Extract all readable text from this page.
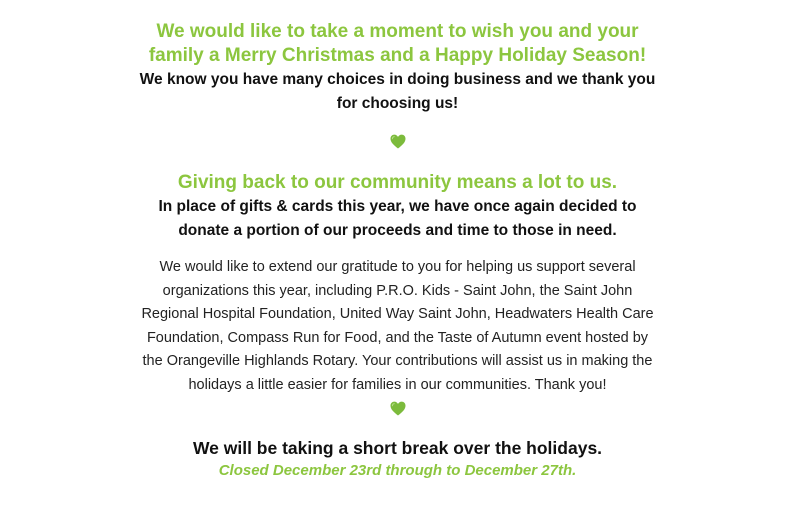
We would like to take a moment to wish you and your
family a Merry Christmas and a Happy Holiday Season!
We know you have many choices in doing business and we thank you
for choosing us!
Giving back to our community means a lot to us.
In place of gifts & cards this year, we have once again decided to
donate a portion of our proceeds and time to those in need.
We would like to extend our gratitude to you for helping us support several
organizations this year, including P.R.O. Kids - Saint John, the Saint John
Regional Hospital Foundation, United Way Saint John, Headwaters Health Care
Foundation, Compass Run for Food, and the Taste of Autumn event hosted by
the Orangeville Highlands Rotary. Your contributions will assist us in making the
holidays a little easier for families in our communities. Thank you!
We will be taking a short break over the holidays.
Closed December 23rd through to December 27th.
